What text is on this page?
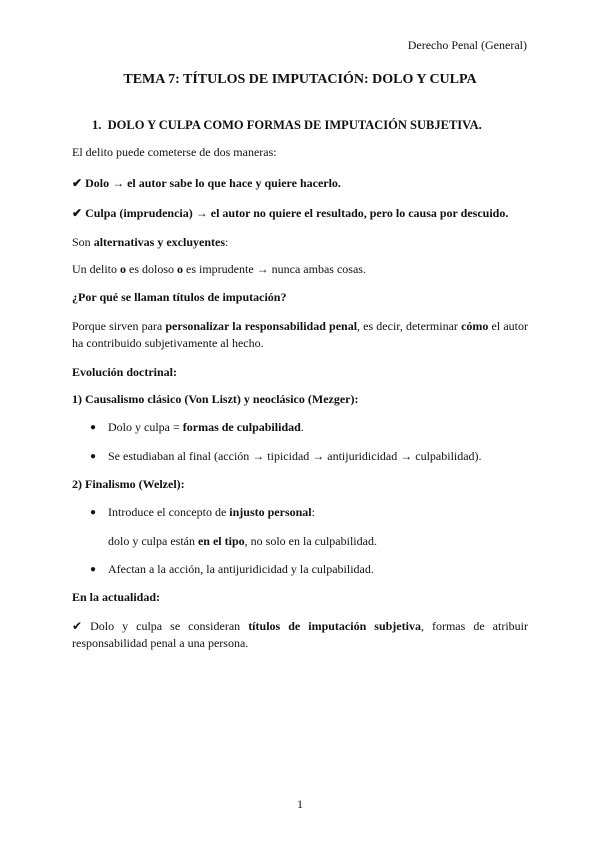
Derecho Penal (General)
TEMA 7: TÍTULOS DE IMPUTACIÓN: DOLO Y CULPA
1. DOLO Y CULPA COMO FORMAS DE IMPUTACIÓN SUBJETIVA.
El delito puede cometerse de dos maneras:
✔ Dolo → el autor sabe lo que hace y quiere hacerlo.
✔ Culpa (imprudencia) → el autor no quiere el resultado, pero lo causa por descuido.
Son alternativas y excluyentes:
Un delito o es doloso o es imprudente → nunca ambas cosas.
¿Por qué se llaman títulos de imputación?
Porque sirven para personalizar la responsabilidad penal, es decir, determinar cómo el autor ha contribuido subjetivamente al hecho.
Evolución doctrinal:
1) Causalismo clásico (Von Liszt) y neoclásico (Mezger):
● Dolo y culpa = formas de culpabilidad.
● Se estudiaban al final (acción → tipicidad → antijuridicidad → culpabilidad).
2) Finalismo (Welzel):
● Introduce el concepto de injusto personal:
dolo y culpa están en el tipo, no solo en la culpabilidad.
● Afectan a la acción, la antijuridicidad y la culpabilidad.
En la actualidad:
✔ Dolo y culpa se consideran títulos de imputación subjetiva, formas de atribuir responsabilidad penal a una persona.
1
